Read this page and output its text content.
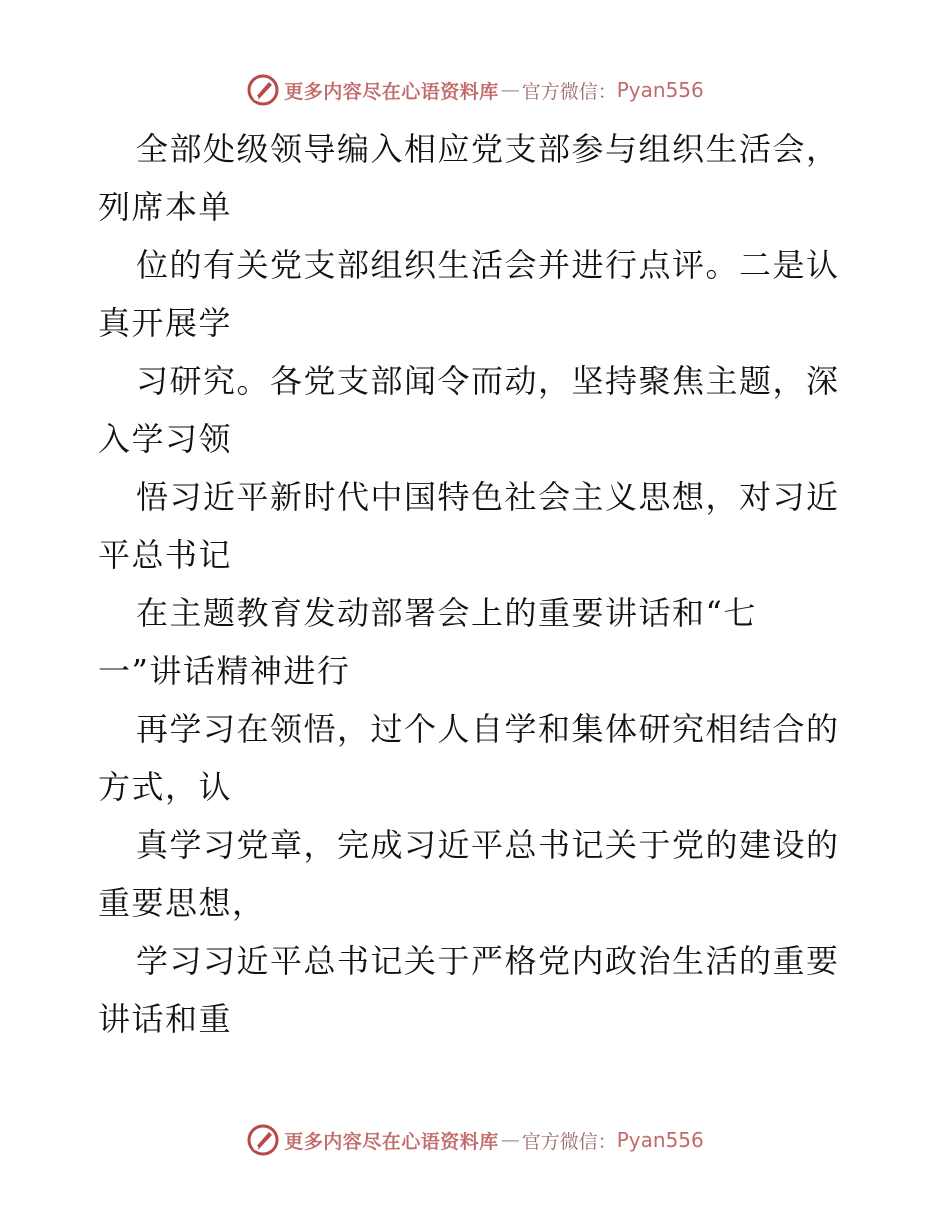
更多内容尽在心语资料库 — 官方微信： Pyan556

全部处级领导编入相应党支部参与组织生活会，
列席本单

位的有关党支部组织生活会并进行点评。二是认
真开展学

习研究。各党支部闻令而动，坚持聚焦主题，深
入学习领

悟习近平新时代中国特色社会主义思想，对习近
平总书记

在主题教育发动部署会上的重要讲话和“七
一”讲话精神进行

再学习在领悟，过个人自学和集体研究相结合的
方式，认

真学习党章，完成习近平总书记关于党的建设的
重要思想，

学习习近平总书记关于严格党内政治生活的重要
讲话和重

更多内容尽在心语资料库 — 官方微信： Pyan556
